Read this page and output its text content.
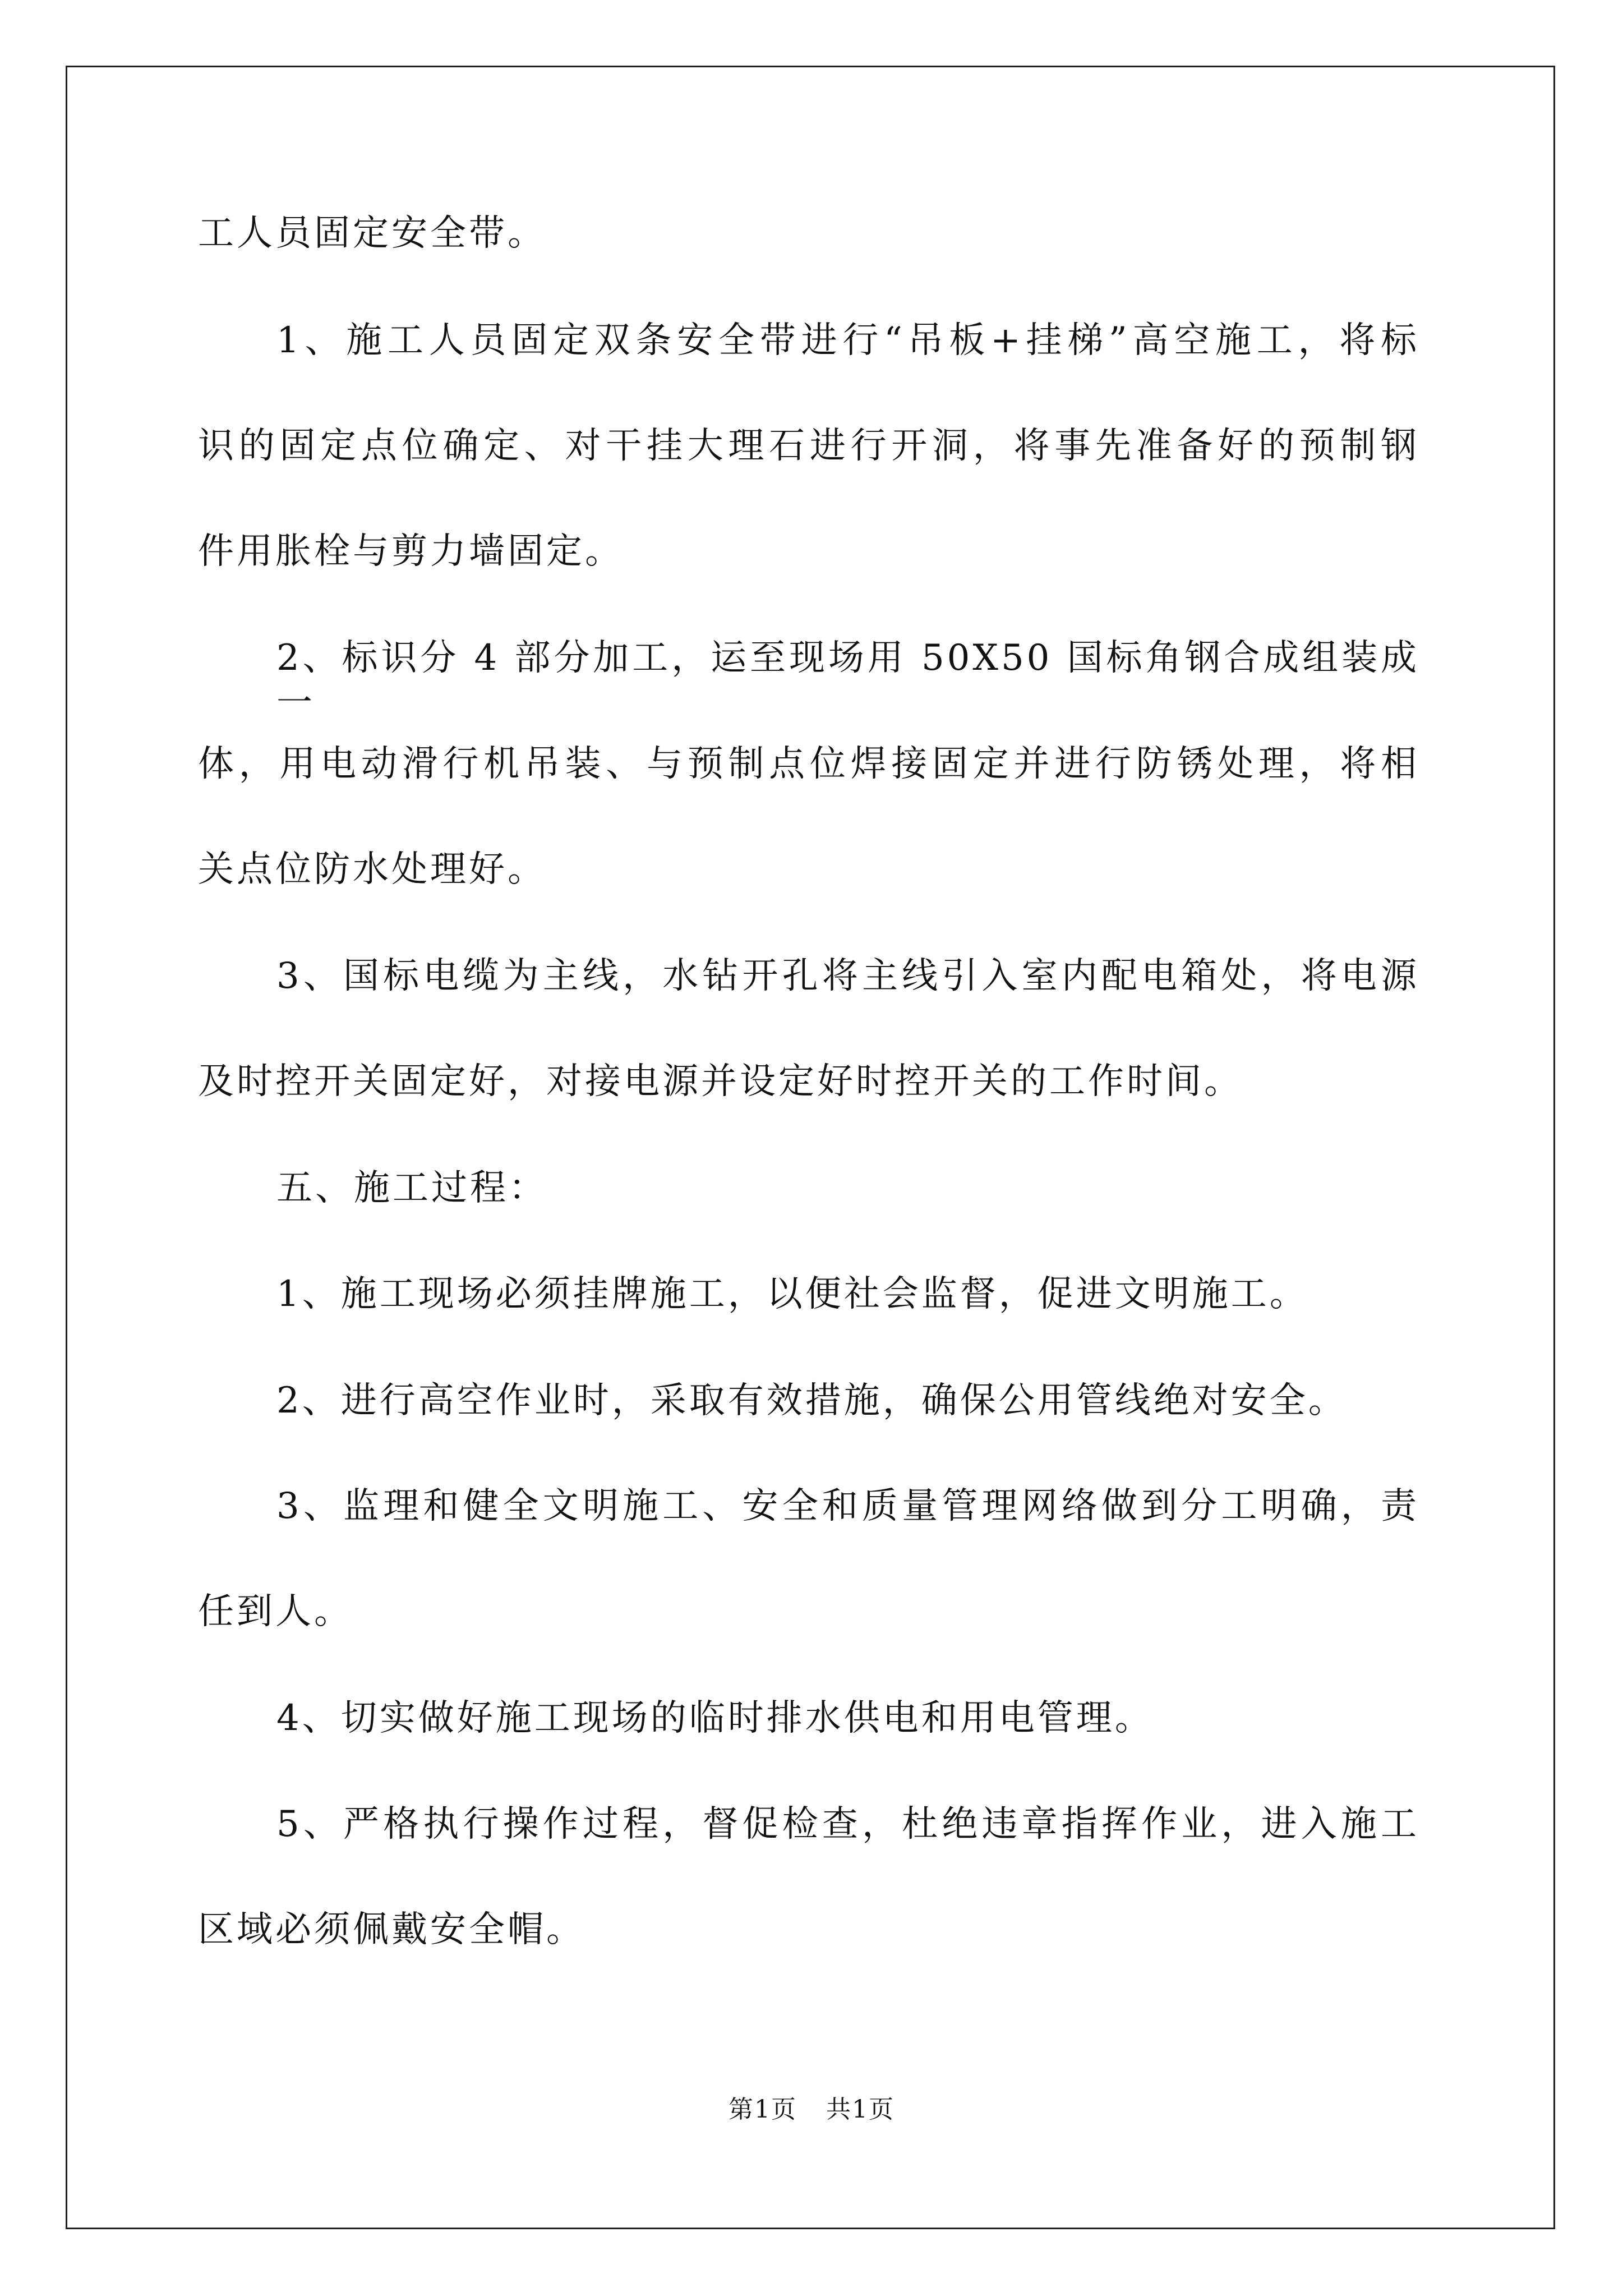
工人员固定安全带。
1、施工人员固定双条安全带进行“吊板+挂梯”高空施工，将标
识的固定点位确定、对干挂大理石进行开洞，将事先准备好的预制钢
件用胀栓与剪力墙固定。
2、标识分 4 部分加工，运至现场用 50X50 国标角钢合成组装成一
体，用电动滑行机吊装、与预制点位焊接固定并进行防锈处理，将相
关点位防水处理好。
3、国标电缆为主线，水钻开孔将主线引入室内配电箱处，将电源
及时控开关固定好，对接电源并设定好时控开关的工作时间。
五、施工过程：
1、施工现场必须挂牌施工，以便社会监督，促进文明施工。
2、进行高空作业时，采取有效措施，确保公用管线绝对安全。
3、监理和健全文明施工、安全和质量管理网络做到分工明确，责
任到人。
4、切实做好施工现场的临时排水供电和用电管理。
5、严格执行操作过程，督促检查，杜绝违章指挥作业，进入施工
区域必须佩戴安全帽。
第1页 共1页
